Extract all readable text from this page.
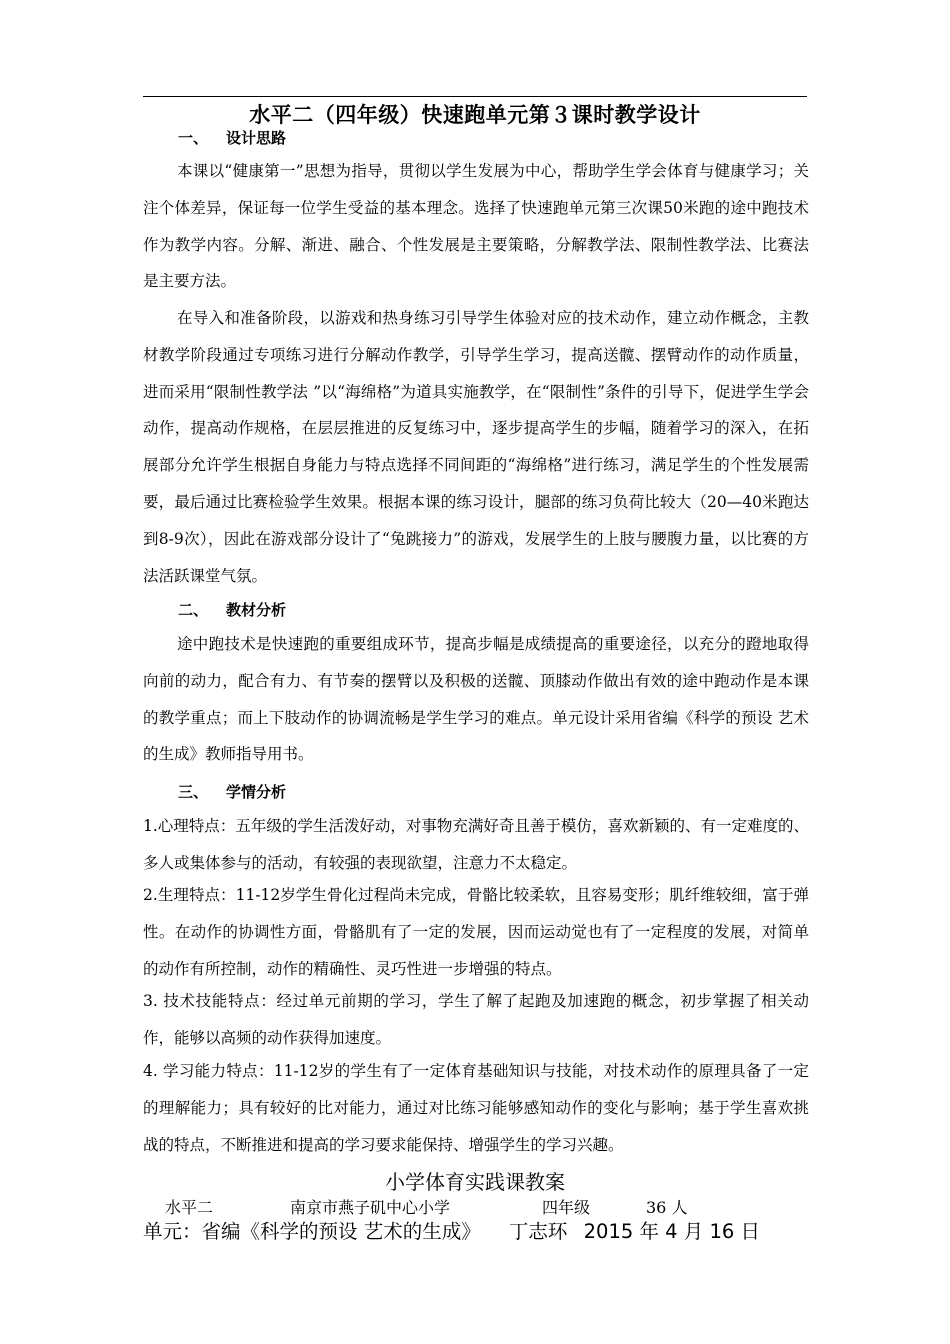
水平二（四年级）快速跑单元第３课时教学设计
一、 设计思路

本课以“健康第一”思想为指导，贯彻以学生发展为中心，帮助学生学会体育与健康学习；关注个体差异，保证每一位学生受益的基本理念。选择了快速跑单元第三次课50米跑的途中跑技术作为教学内容。分解、渐进、融合、个性发展是主要策略，分解教学法、限制性教学法、比赛法是主要方法。

在导入和准备阶段，以游戏和热身练习引导学生体验对应的技术动作，建立动作概念，主教材教学阶段通过专项练习进行分解动作教学，引导学生学习，提高送髋、摆臂动作的动作质量，进而采用“限制性教学法 ”以“海绵格”为道具实施教学，在“限制性”条件的引导下，促进学生学会动作，提高动作规格，在层层推进的反复练习中，逐步提高学生的步幅，随着学习的深入，在拓展部分允许学生根据自身能力与特点选择不同间距的“海绵格”进行练习，满足学生的个性发展需要，最后通过比赛检验学生效果。根据本课的练习设计，腿部的练习负荷比较大（20—40米跑达到8-9次），因此在游戏部分设计了“兔跳接力”的游戏，发展学生的上肢与腰腹力量，以比赛的方法活跃课堂气氛。

二、 教材分析

途中跑技术是快速跑的重要组成环节，提高步幅是成绩提高的重要途径，以充分的蹬地取得向前的动力，配合有力、有节奏的摆臂以及积极的送髋、顶膝动作做出有效的途中跑动作是本课的教学重点；而上下肢动作的协调流畅是学生学习的难点。单元设计采用省编《科学的预设 艺术的生成》教师指导用书。

三、 学情分析

1.心理特点：五年级的学生活泼好动，对事物充满好奇且善于模仿，喜欢新颖的、有一定难度的、多人或集体参与的活动，有较强的表现欲望，注意力不太稳定。

2.生理特点：11-12岁学生骨化过程尚未完成，骨骼比较柔软，且容易变形；肌纤维较细，富于弹性。在动作的协调性方面，骨骼肌有了一定的发展，因而运动觉也有了一定程度的发展，对简单的动作有所控制，动作的精确性、灵巧性进一步增强的特点。

3. 技术技能特点：经过单元前期的学习，学生了解了起跑及加速跑的概念，初步掌握了相关动作，能够以高频的动作获得加速度。

4. 学习能力特点：11-12岁的学生有了一定体育基础知识与技能，对技术动作的原理具备了一定的理解能力；具有较好的比对能力，通过对比练习能够感知动作的变化与影响；基于学生喜欢挑战的特点，不断推进和提高的学习要求能保持、增强学生的学习兴趣。

小学体育实践课教案
水平二	南京市燕子矶中心小学	四年级	36 人
单元：省编《科学的预设 艺术的生成》 丁志环 2015 年 4 月 16 日
